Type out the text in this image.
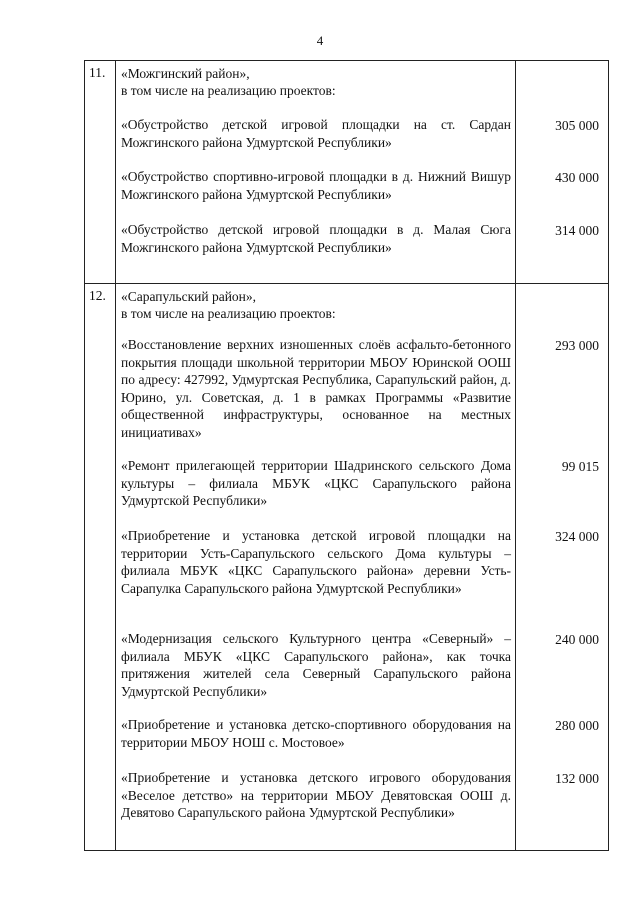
4
11. «Можгинский район»,
в том числе на реализацию проектов:
«Обустройство детской игровой площадки на ст. Сардан Можгинского района Удмуртской Республики»
305 000
«Обустройство спортивно-игровой площадки в д. Нижний Вишур Можгинского района Удмуртской Республики»
430 000
«Обустройство детской игровой площадки в д. Малая Сюга Можгинского района Удмуртской Республики»
314 000
12. «Сарапульский район»,
в том числе на реализацию проектов:
«Восстановление верхних изношенных слоёв асфальто-бетонного покрытия площади школьной территории МБОУ Юринской ООШ по адресу: 427992, Удмуртская Республика, Сарапульский район, д. Юрино, ул. Советская, д. 1 в рамках Программы «Развитие общественной инфраструктуры, основанное на местных инициативах»
293 000
«Ремонт прилегающей территории Шадринского сельского Дома культуры – филиала МБУК «ЦКС Сарапульского района Удмуртской Республики»
99 015
«Приобретение и установка детской игровой площадки на территории Усть-Сарапульского сельского Дома культуры – филиала МБУК «ЦКС Сарапульского района» деревни Усть-Сарапулка Сарапульского района Удмуртской Республики»
324 000
«Модернизация сельского Культурного центра «Северный» – филиала МБУК «ЦКС Сарапульского района», как точка притяжения жителей села Северный Сарапульского района Удмуртской Республики»
240 000
«Приобретение и установка детско-спортивного оборудования на территории МБОУ НОШ с. Мостовое»
280 000
«Приобретение и установка детского игрового оборудования «Веселое детство» на территории МБОУ Девятовская ООШ д. Девятово Сарапульского района Удмуртской Республики»
132 000
